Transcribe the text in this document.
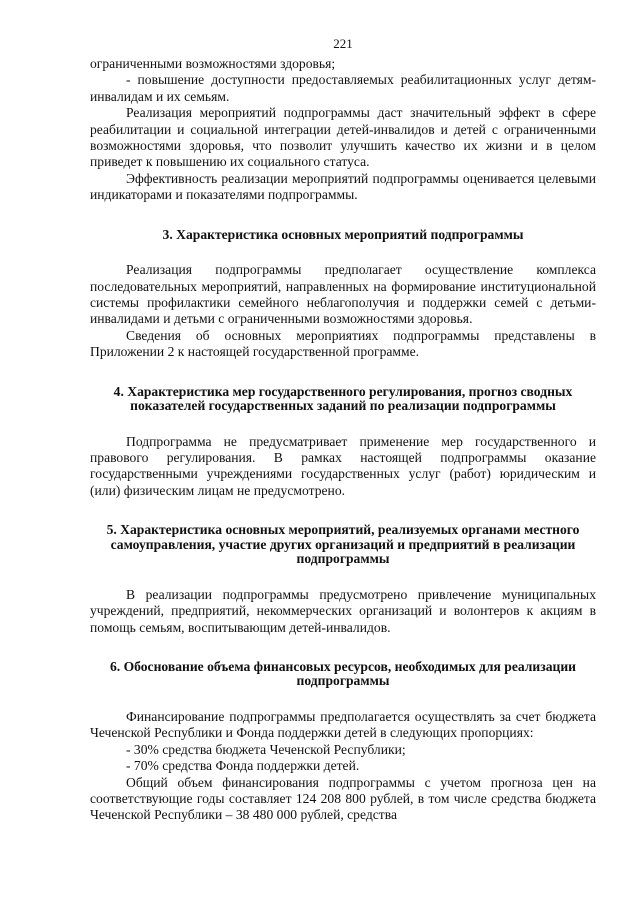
221

ограниченными возможностями здоровья;

- повышение доступности предоставляемых реабилитационных услуг детям-инвалидам и их семьям.

Реализация мероприятий подпрограммы даст значительный эффект в сфере реабилитации и социальной интеграции детей-инвалидов и детей с ограниченными возможностями здоровья, что позволит улучшить качество их жизни и в целом приведет к повышению их социального статуса.

Эффективность реализации мероприятий подпрограммы оценивается целевыми индикаторами и показателями подпрограммы.

3. Характеристика основных мероприятий подпрограммы

Реализация подпрограммы предполагает осуществление комплекса последовательных мероприятий, направленных на формирование институциональной системы профилактики семейного неблагополучия и поддержки семей с детьми-инвалидами и детьми с ограниченными возможностями здоровья.

Сведения об основных мероприятиях подпрограммы представлены в Приложении 2 к настоящей государственной программе.

4. Характеристика мер государственного регулирования, прогноз сводных показателей государственных заданий по реализации подпрограммы

Подпрограмма не предусматривает применение мер государственного и правового регулирования. В рамках настоящей подпрограммы оказание государственными учреждениями государственных услуг (работ) юридическим и (или) физическим лицам не предусмотрено.

5. Характеристика основных мероприятий, реализуемых органами местного самоуправления, участие других организаций и предприятий в реализации подпрограммы

В реализации подпрограммы предусмотрено привлечение муниципальных учреждений, предприятий, некоммерческих организаций и волонтеров к акциям в помощь семьям, воспитывающим детей-инвалидов.

6. Обоснование объема финансовых ресурсов, необходимых для реализации подпрограммы

Финансирование подпрограммы предполагается осуществлять за счет бюджета Чеченской Республики и Фонда поддержки детей в следующих пропорциях:

- 30% средства бюджета Чеченской Республики;

- 70% средства Фонда поддержки детей.

Общий объем финансирования подпрограммы с учетом прогноза цен на соответствующие годы составляет 124 208 800 рублей, в том числе средства бюджета Чеченской Республики – 38 480 000 рублей, средства
